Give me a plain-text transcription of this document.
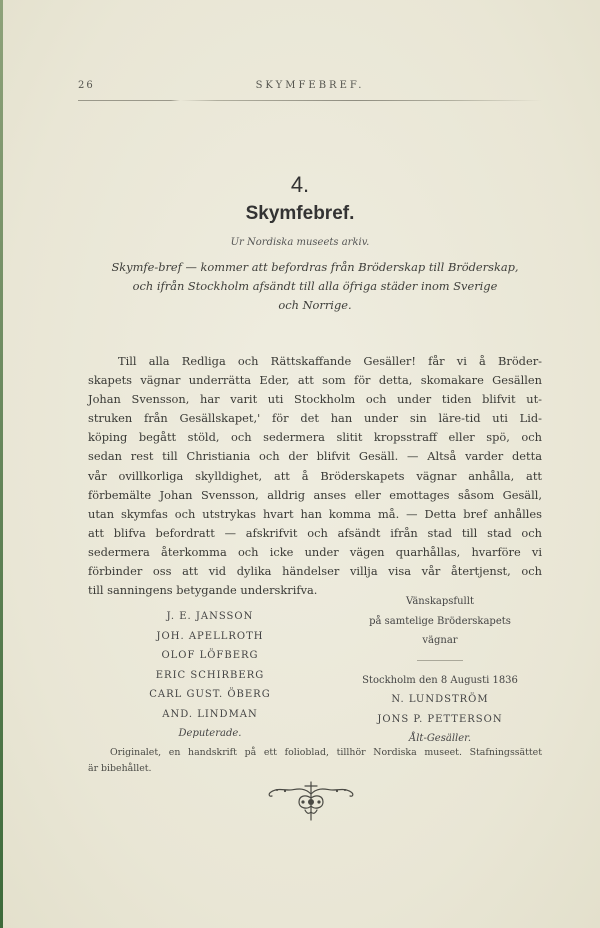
26	SKYMFEBREF.
4.
Skymfebref.
Ur Nordiska museets arkiv.
Skymfe-bref — kommer att befordras från Bröderskap till Bröderskap,
och ifrån Stockholm afsändt till alla öfriga städer inom Sverige
och Norrige.
Till alla Redliga och Rättskaffande Gesäller! får vi å Bröder-
skapets vägnar underrätta Eder, att som för detta, skomakare Gesällen
Johan Svensson, har varit uti Stockholm och under tiden blifvit ut-
struken från Gesällskapet,' för det han under sin läre-tid uti Lid-
köping begått stöld, och sedermera slitit kropsstraff eller spö, och
sedan rest till Christiania och der blifvit Gesäll. — Altså varder detta
vår ovillkorliga skylldighet, att å Bröderskapets vägnar anhålla, att
förbemälte Johan Svensson, alldrig anses eller emottages såsom Gesäll,
utan skymfas och utstrykas hvart han komma må. — Detta bref anhålles
att blifva befordratt — afskrifvit och afsändt ifrån stad till stad och
sedermera återkomma och icke under vägen quarhållas, hvarföre vi
förbinder oss att vid dylika händelser villja visa vår återtjenst, och
till sanningens betygande underskrifva.
J. E. JANSSON
JOH. APELLROTH
OLOF LÖFBERG
ERIC SCHIRBERG
CARL GUST. ÖBERG
AND. LINDMAN
Deputerade.
Vänskapsfullt
på samtelige Bröderskapets
vägnar
Stockholm den 8 Augusti 1836
N. LUNDSTRÖM
JONS P. PETTERSON
Ålt-Gesäller.
Originalet, en handskrift på ett folioblad, tillhör Nordiska museet. Stafningssättet
är bibehållet.
